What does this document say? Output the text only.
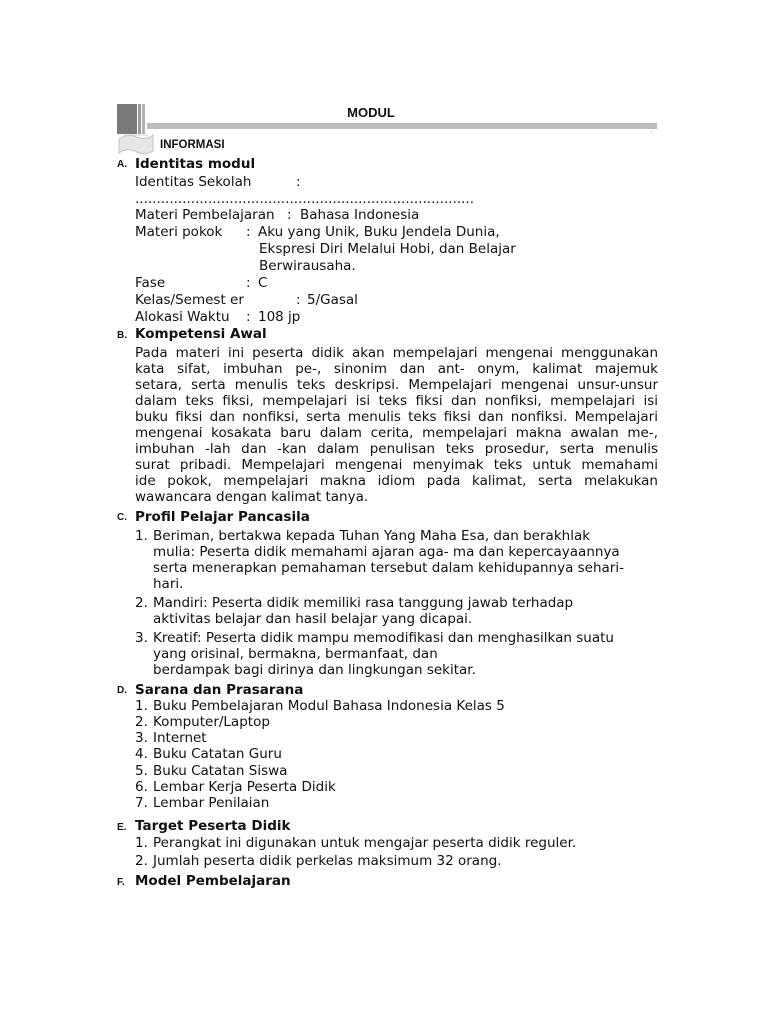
MODUL
·
INFORMASI
A. Identitas modul
Identitas Sekolah	:
...............................................................................
Materi Pembelajaran : Bahasa Indonesia
Materi pokok : Aku yang Unik, Buku Jendela Dunia,
Ekspresi Diri Melalui Hobi, dan Belajar
Berwirausaha.
Fase	: C
Kelas/Semest er	: 5/Gasal
Alokasi Waktu : 108 jp
B. Kompetensi Awal
Pada materi ini peserta didik akan mempelajari mengenai menggunakan
kata sifat, imbuhan pe-, sinonim dan ant- onym, kalimat majemuk
setara, serta menulis teks deskripsi. Mempelajari mengenai unsur-unsur
dalam teks fiksi, mempelajari isi teks fiksi dan nonfiksi, mempelajari isi
buku fiksi dan nonfiksi, serta menulis teks fiksi dan nonfiksi. Mempelajari
mengenai kosakata baru dalam cerita, mempelajari makna awalan me-,
imbuhan -lah dan -kan dalam penulisan teks prosedur, serta menulis
surat pribadi. Mempelajari mengenai menyimak teks untuk memahami
ide pokok, mempelajari makna idiom pada kalimat, serta melakukan
wawancara dengan kalimat tanya.
C. Profil Pelajar Pancasila
1. Beriman, bertakwa kepada Tuhan Yang Maha Esa, dan berakhlak
mulia: Peserta didik memahami ajaran aga- ma dan kepercayaannya
serta menerapkan pemahaman tersebut dalam kehidupannya sehari-
hari.
2. Mandiri: Peserta didik memiliki rasa tanggung jawab terhadap
aktivitas belajar dan hasil belajar yang dicapai.
3. Kreatif: Peserta didik mampu memodifikasi dan menghasilkan suatu
yang orisinal, bermakna, bermanfaat, dan
berdampak bagi dirinya dan lingkungan sekitar.
D. Sarana dan Prasarana
1. Buku Pembelajaran Modul Bahasa Indonesia Kelas 5
2. Komputer/Laptop
3. Internet
4. Buku Catatan Guru
5. Buku Catatan Siswa
6. Lembar Kerja Peserta Didik
7. Lembar Penilaian
E. Target Peserta Didik
1. Perangkat ini digunakan untuk mengajar peserta didik reguler.
2. Jumlah peserta didik perkelas maksimum 32 orang.
F. Model Pembelajaran
